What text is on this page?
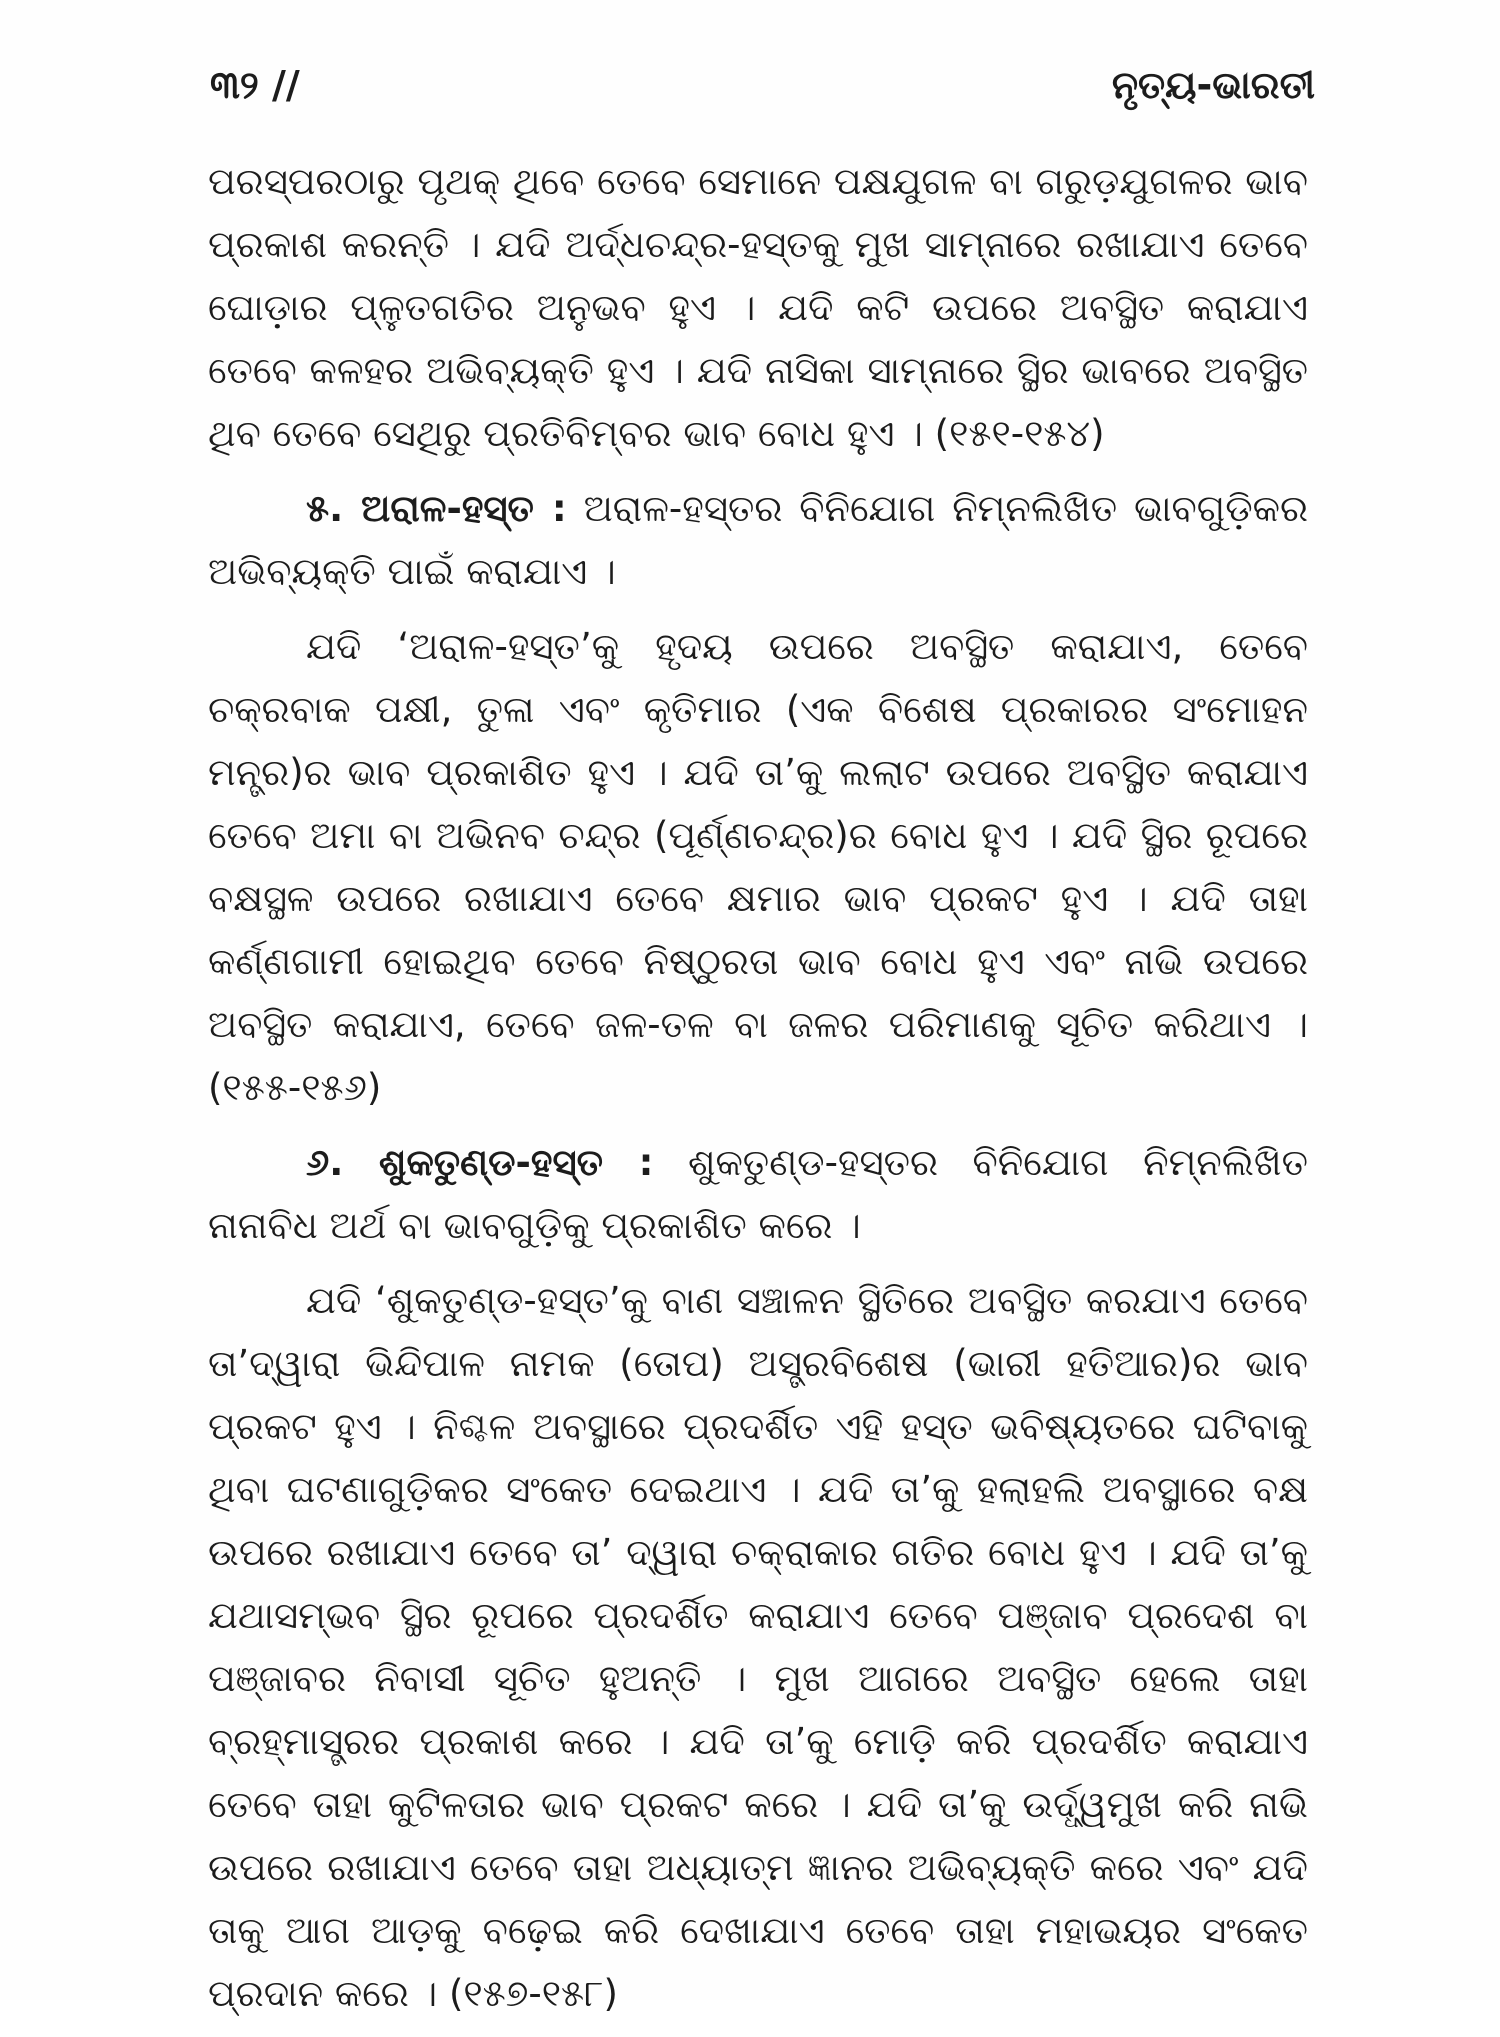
୩୨ //	ନୃତ୍ୟ-ଭାରତୀ

ପରସ୍ପରଠାରୁ ପୃଥକ୍ ଥିବେ ତେବେ ସେମାନେ ପକ୍ଷଯୁଗଳ ବା ଗରୁଡ଼ଯୁଗଳର ଭାବ ପ୍ରକାଶ କରନ୍ତି । ଯଦି ଅର୍ଦ୍ଧଚନ୍ଦ୍ର-ହସ୍ତକୁ ମୁଖ ସାମ୍ନାରେ ରଖାଯାଏ ତେବେ ଘୋଡ଼ାର ପ୍ଳୁତଗତିର ଅନୁଭବ ହୁଏ । ଯଦି କଟି ଉପରେ ଅବସ୍ଥିତ କରାଯାଏ ତେବେ କଳହର ଅଭିବ୍ୟକ୍ତି ହୁଏ । ଯଦି ନାସିକା ସାମ୍ନାରେ ସ୍ଥିର ଭାବରେ ଅବସ୍ଥିତ ଥିବ ତେବେ ସେଥିରୁ ପ୍ରତିବିମ୍ବର ଭାବ ବୋଧ ହୁଏ । (୧୫୧-୧୫୪)

୫. ଅରାଳ-ହସ୍ତ : ଅରାଳ-ହସ୍ତର ବିନିଯୋଗ ନିମ୍ନଲିଖିତ ଭାବଗୁଡ଼ିକର ଅଭିବ୍ୟକ୍ତି ପାଇଁ କରାଯାଏ ।

ଯଦି ‘ଅରାଳ-ହସ୍ତ’କୁ ହୃଦୟ ଉପରେ ଅବସ୍ଥିତ କରାଯାଏ, ତେବେ ଚକ୍ରବାକ ପକ୍ଷୀ, ତୁଳା ଏବଂ କୃତିମାର (ଏକ ବିଶେଷ ପ୍ରକାରର ସଂମୋହନ ମନ୍ତ୍ର)ର ଭାବ ପ୍ରକାଶିତ ହୁଏ । ଯଦି ତା’କୁ ଲଲାଟ ଉପରେ ଅବସ୍ଥିତ କରାଯାଏ ତେବେ ଅମା ବା ଅଭିନବ ଚନ୍ଦ୍ର (ପୂର୍ଣ୍ଣଚନ୍ଦ୍ର)ର ବୋଧ ହୁଏ । ଯଦି ସ୍ଥିର ରୂପରେ ବକ୍ଷସ୍ଥଳ ଉପରେ ରଖାଯାଏ ତେବେ କ୍ଷମାର ଭାବ ପ୍ରକଟ ହୁଏ । ଯଦି ତାହା କର୍ଣ୍ଣଗାମୀ ହୋଇଥିବ ତେବେ ନିଷ୍ଠୁରତା ଭାବ ବୋଧ ହୁଏ ଏବଂ ନାଭି ଉପରେ ଅବସ୍ଥିତ କରାଯାଏ, ତେବେ ଜଳ-ତଳ ବା ଜଳର ପରିମାଣକୁ ସୂଚିତ କରିଥାଏ । (୧୫୫-୧୫୬)

୬. ଶୁକତୁଣ୍ଡ-ହସ୍ତ : ଶୁକତୁଣ୍ଡ-ହସ୍ତର ବିନିଯୋଗ ନିମ୍ନଲିଖିତ ନାନାବିଧ ଅର୍ଥ ବା ଭାବଗୁଡ଼ିକୁ ପ୍ରକାଶିତ କରେ ।

ଯଦି ‘ଶୁକତୁଣ୍ଡ-ହସ୍ତ’କୁ ବାଣ ସଞ୍ଚାଳନ ସ୍ଥିତିରେ ଅବସ୍ଥିତ କରଯାଏ ତେବେ ତା’ଦ୍ୱାରା ଭିନ୍ଦିପାଳ ନାମକ (ତୋପ) ଅସ୍ତ୍ରବିଶେଷ (ଭାରୀ ହତିଆର)ର ଭାବ ପ୍ରକଟ ହୁଏ । ନିଶ୍ଚଳ ଅବସ୍ଥାରେ ପ୍ରଦର୍ଶିତ ଏହି ହସ୍ତ ଭବିଷ୍ୟତରେ ଘଟିବାକୁ ଥିବା ଘଟଣାଗୁଡ଼ିକର ସଂକେତ ଦେଇଥାଏ । ଯଦି ତା’କୁ ହଲାହଲି ଅବସ୍ଥାରେ ବକ୍ଷ ଉପରେ ରଖାଯାଏ ତେବେ ତା’ ଦ୍ୱାରା ଚକ୍ରାକାର ଗତିର ବୋଧ ହୁଏ । ଯଦି ତା’କୁ ଯଥାସମ୍ଭବ ସ୍ଥିର ରୂପରେ ପ୍ରଦର୍ଶିତ କରାଯାଏ ତେବେ ପଞ୍ଜାବ ପ୍ରଦେଶ ବା ପଞ୍ଜାବର ନିବାସୀ ସୂଚିତ ହୁଅନ୍ତି । ମୁଖ ଆଗରେ ଅବସ୍ଥିତ ହେଲେ ତାହା ବ୍ରହ୍ମାସ୍ତ୍ରର ପ୍ରକାଶ କରେ । ଯଦି ତା’କୁ ମୋଡ଼ି କରି ପ୍ରଦର୍ଶିତ କରାଯାଏ ତେବେ ତାହା କୁଟିଳତାର ଭାବ ପ୍ରକଟ କରେ । ଯଦି ତା’କୁ ଉର୍ଦ୍ଧ୍ୱମୁଖ କରି ନାଭି ଉପରେ ରଖାଯାଏ ତେବେ ତାହା ଅଧ୍ୟାତ୍ମ ଜ୍ଞାନର ଅଭିବ୍ୟକ୍ତି କରେ ଏବଂ ଯଦି ତାକୁ ଆଗ ଆଡ଼କୁ ବଢ଼େଇ କରି ଦେଖାଯାଏ ତେବେ ତାହା ମହାଭୟର ସଂକେତ ପ୍ରଦାନ କରେ । (୧୫୭-୧୫୮)
